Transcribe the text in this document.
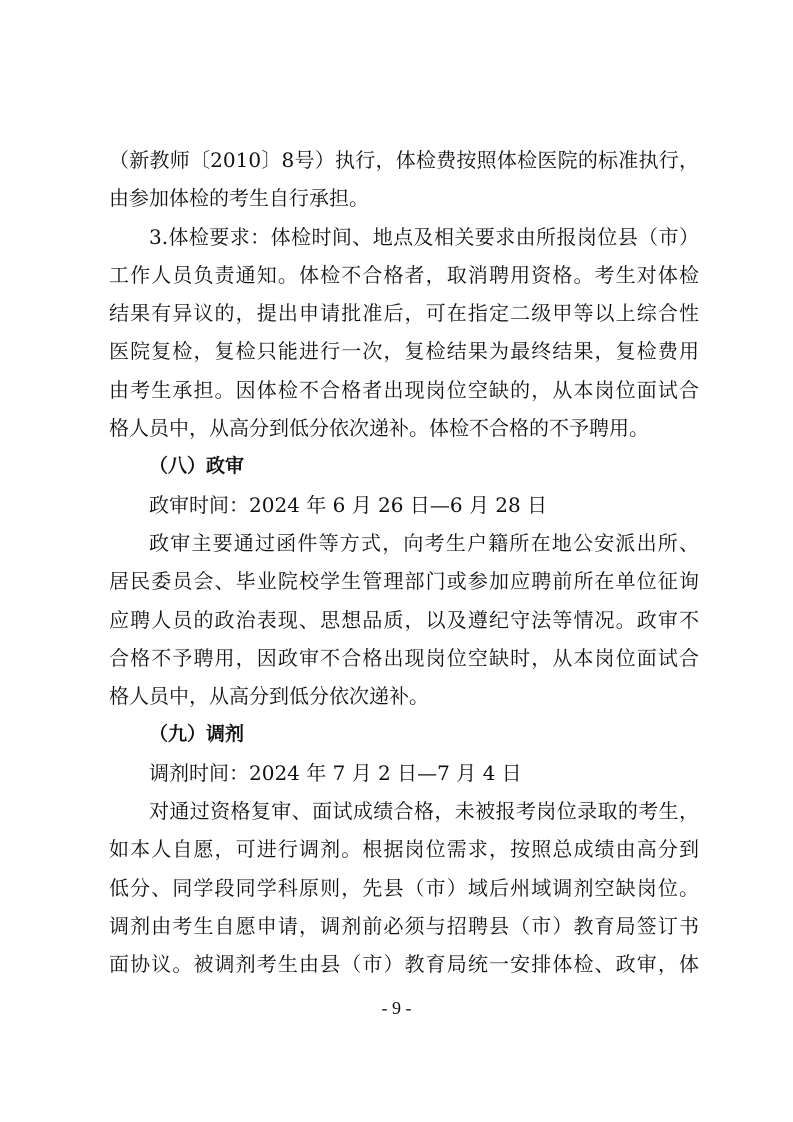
（新教师〔2010〕8号）执行，体检费按照体检医院的标准执行，
由参加体检的考生自行承担。
3.体检要求：体检时间、地点及相关要求由所报岗位县（市）
工作人员负责通知。体检不合格者，取消聘用资格。考生对体检
结果有异议的，提出申请批准后，可在指定二级甲等以上综合性
医院复检，复检只能进行一次，复检结果为最终结果，复检费用
由考生承担。因体检不合格者出现岗位空缺的，从本岗位面试合
格人员中，从高分到低分依次递补。体检不合格的不予聘用。
（八）政审
政审时间：2024 年 6 月 26 日—6 月 28 日
政审主要通过函件等方式，向考生户籍所在地公安派出所、
居民委员会、毕业院校学生管理部门或参加应聘前所在单位征询
应聘人员的政治表现、思想品质，以及遵纪守法等情况。政审不
合格不予聘用，因政审不合格出现岗位空缺时，从本岗位面试合
格人员中，从高分到低分依次递补。
（九）调剂
调剂时间：2024 年 7 月 2 日—7 月 4 日
对通过资格复审、面试成绩合格，未被报考岗位录取的考生，
如本人自愿，可进行调剂。根据岗位需求，按照总成绩由高分到
低分、同学段同学科原则，先县（市）域后州域调剂空缺岗位。
调剂由考生自愿申请，调剂前必须与招聘县（市）教育局签订书
面协议。被调剂考生由县（市）教育局统一安排体检、政审，体
- 9 -
